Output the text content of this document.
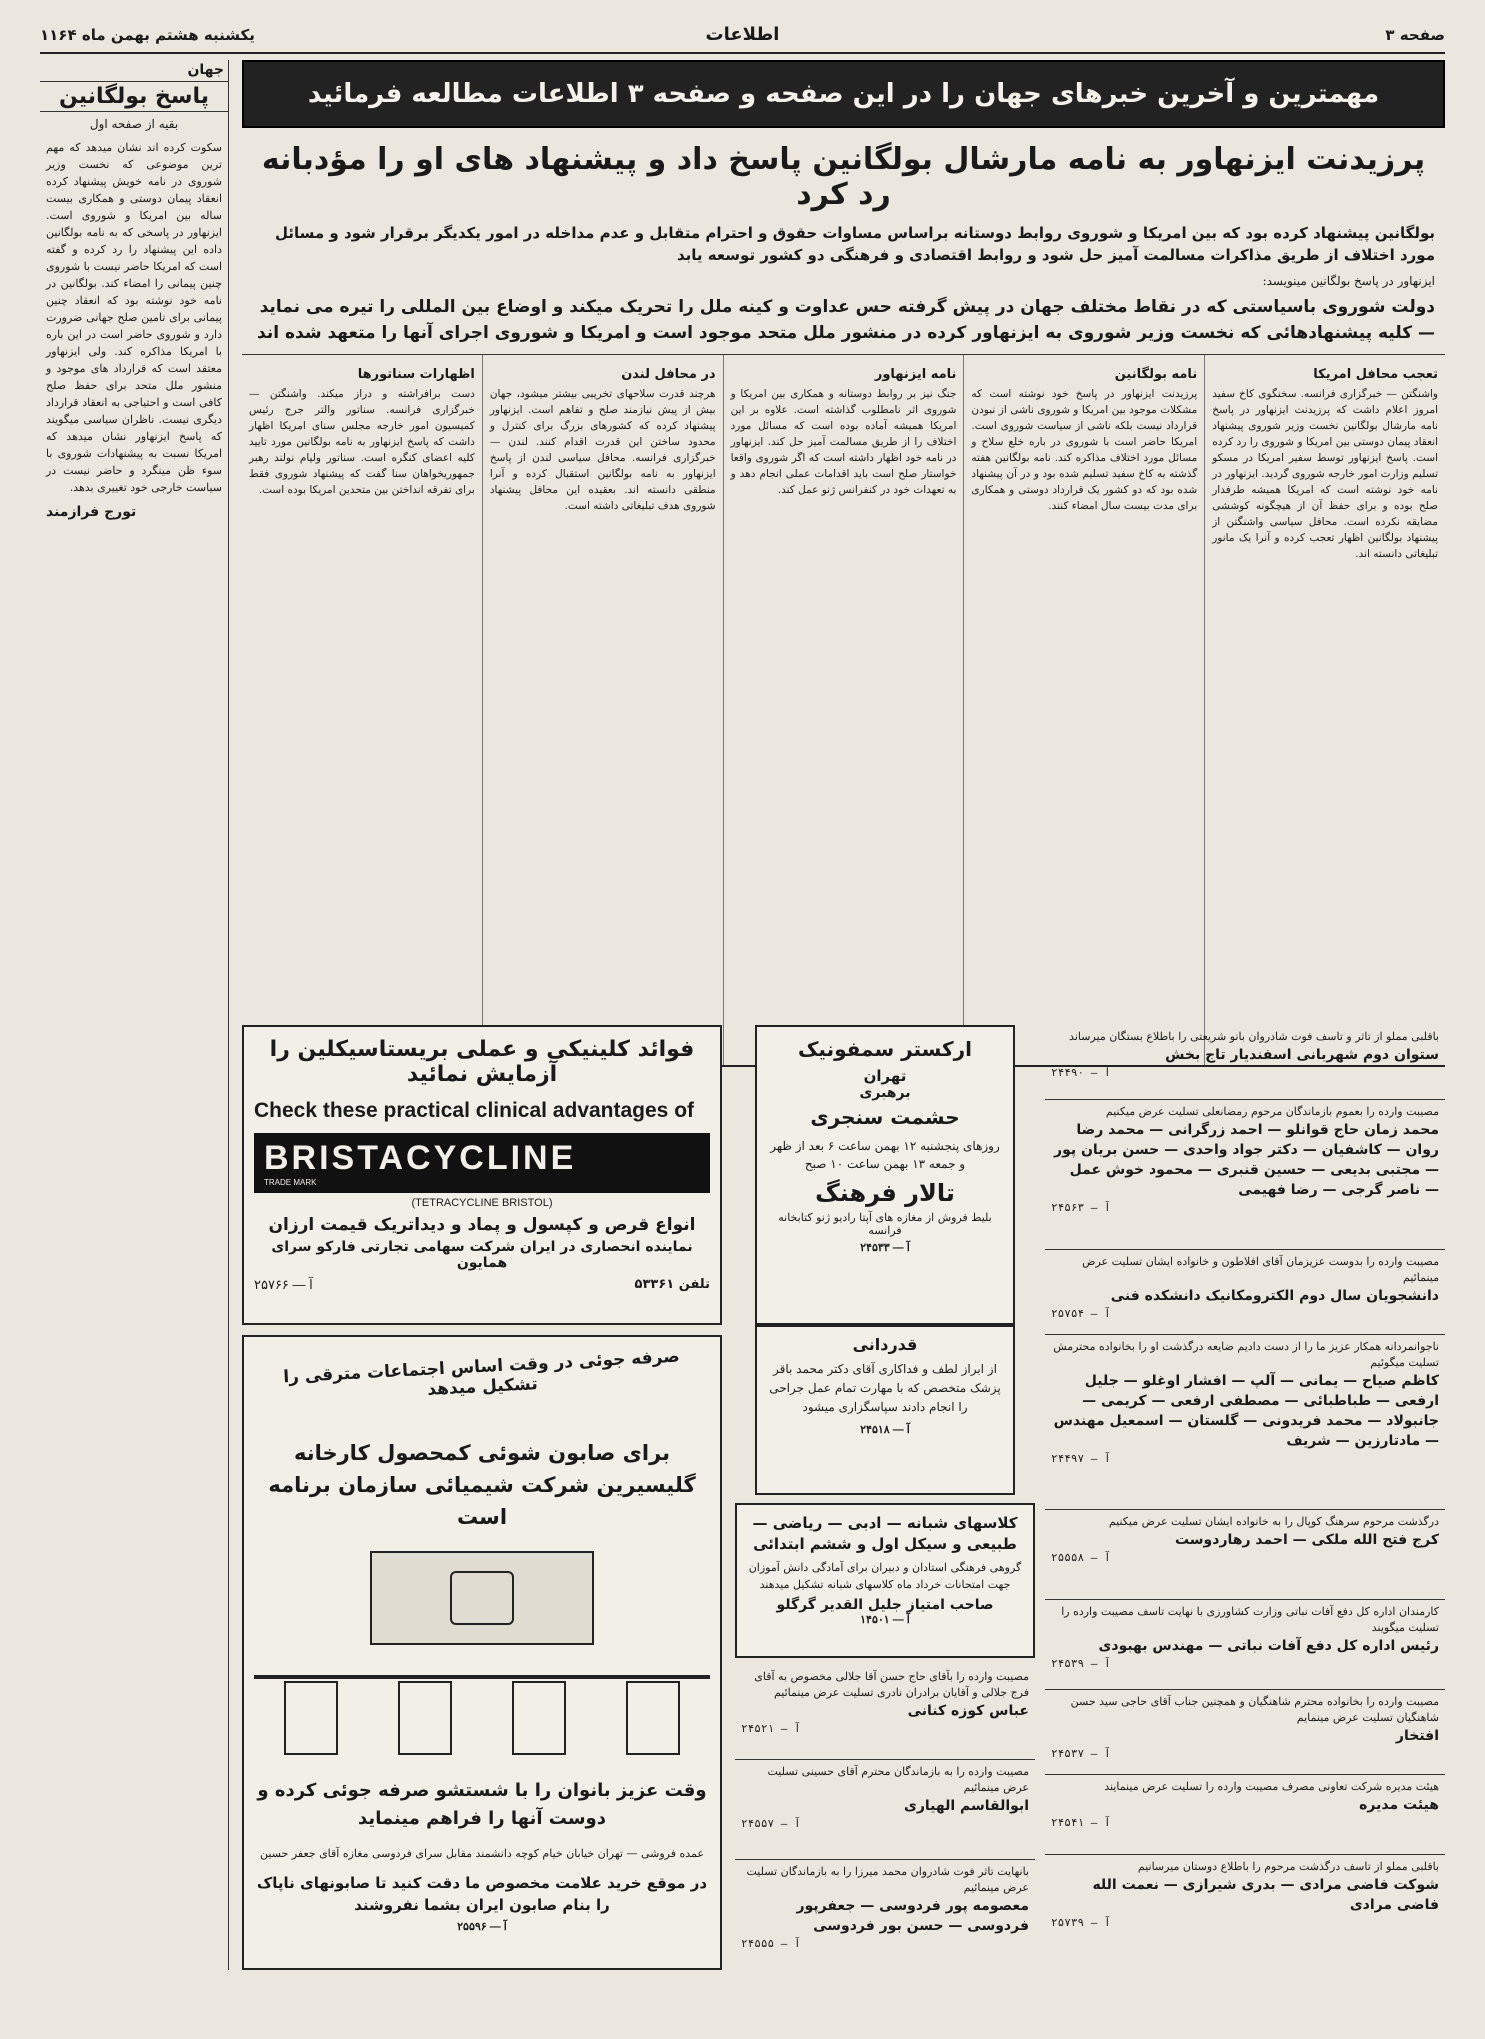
صفحه ۳
اطلاعات
یکشنبه هشتم بهمن ماه ۱۱۶۴
جهان
پاسخ بولگانین
بقیه از صفحه اول
سکوت کرده اند نشان میدهد که مهم ترین موضوعی که نخست وزیر شوروی در نامه خویش پیشنهاد کرده انعقاد پیمان دوستی و همکاری بیست ساله بین امریکا و شوروی است. ایزنهاور در پاسخی که به نامه بولگانین داده این پیشنهاد را رد کرده و گفته است که امریکا حاضر نیست با شوروی چنین پیمانی را امضاء کند. بولگانین در نامه خود نوشته بود که انعقاد چنین پیمانی برای تامین صلح جهانی ضرورت دارد و شوروی حاضر است در این باره با امریکا مذاکره کند. ولی ایزنهاور معتقد است که قرارداد های موجود و منشور ملل متحد برای حفظ صلح کافی است و احتیاجی به انعقاد قرارداد دیگری نیست. ناظران سیاسی میگویند که پاسخ ایزنهاور نشان میدهد که امریکا نسبت به پیشنهادات شوروی با سوء ظن مینگرد و حاضر نیست در سیاست خارجی خود تغییری بدهد.
تورج فرازمند
مهمترین و آخرین خبرهای جهان را در این صفحه و صفحه ۳ اطلاعات مطالعه فرمائید
پرزیدنت ایزنهاور به نامه مارشال بولگانین پاسخ داد و پیشنهاد های او را مؤدبانه رد کرد
بولگانین پیشنهاد کرده بود که بین امریکا و شوروی روابط دوستانه براساس مساوات حقوق و احترام متقابل و عدم مداخله در امور یکدیگر برقرار شود و مسائل مورد اختلاف از طریق مذاکرات مسالمت آمیز حل شود و روابط اقتصادی و فرهنگی دو کشور توسعه یابد
ایزنهاور در پاسخ بولگانین مینویسد:
دولت شوروی باسیاستی که در نقاط مختلف جهان در پیش گرفته حس عداوت و کینه ملل را تحریک میکند و اوضاع بین المللی را تیره می نماید — کلیه پیشنهادهائی که نخست وزیر شوروی به ایزنهاور کرده در منشور ملل متحد موجود است و امریکا و شوروی اجرای آنها را متعهد شده اند
تعجب محافل امریکا
واشنگتن — خبرگزاری فرانسه. سخنگوی کاخ سفید امروز اعلام داشت که پرزیدنت ایزنهاور در پاسخ نامه مارشال بولگانین نخست وزیر شوروی پیشنهاد انعقاد پیمان دوستی بین امریکا و شوروی را رد کرده است. پاسخ ایزنهاور توسط سفیر امریکا در مسکو تسلیم وزارت امور خارجه شوروی گردید. ایزنهاور در نامه خود نوشته است که امریکا همیشه طرفدار صلح بوده و برای حفظ آن از هیچگونه کوششی مضایقه نکرده است. محافل سیاسی واشنگتن از پیشنهاد بولگانین اظهار تعجب کرده و آنرا یک مانور تبلیغاتی دانسته اند.
نامه بولگانین
پرزیدنت ایزنهاور در پاسخ خود نوشته است که مشکلات موجود بین امریکا و شوروی ناشی از نبودن قرارداد نیست بلکه ناشی از سیاست شوروی است. امریکا حاضر است با شوروی در باره خلع سلاح و مسائل مورد اختلاف مذاکره کند. نامه بولگانین هفته گذشته به کاخ سفید تسلیم شده بود و در آن پیشنهاد شده بود که دو کشور یک قرارداد دوستی و همکاری برای مدت بیست سال امضاء کنند.
نامه ایزنهاور
جنگ نیز بر روابط دوستانه و همکاری بین امریکا و شوروی اثر نامطلوب گذاشته است. علاوه بر این امریکا همیشه آماده بوده است که مسائل مورد اختلاف را از طریق مسالمت آمیز حل کند. ایزنهاور در نامه خود اظهار داشته است که اگر شوروی واقعا خواستار صلح است باید اقدامات عملی انجام دهد و به تعهدات خود در کنفرانس ژنو عمل کند.
در محافل لندن
هرچند قدرت سلاحهای تخریبی بیشتر میشود، جهان بیش از پیش نیازمند صلح و تفاهم است. ایزنهاور پیشنهاد کرده که کشورهای بزرگ برای کنترل و محدود ساختن این قدرت اقدام کنند. لندن — خبرگزاری فرانسه. محافل سیاسی لندن از پاسخ ایزنهاور به نامه بولگانین استقبال کرده و آنرا منطقی دانسته اند. بعقیده این محافل پیشنهاد شوروی هدف تبلیغاتی داشته است.
اظهارات سناتورها
دست برافراشته و دراز میکند. واشنگتن — خبرگزاری فرانسه. سناتور والتر جرج رئیس کمیسیون امور خارجه مجلس سنای امریکا اظهار داشت که پاسخ ایزنهاور به نامه بولگانین مورد تایید کلیه اعضای کنگره است. سناتور ولیام نولند رهبر جمهوریخواهان سنا گفت که پیشنهاد شوروی فقط برای تفرقه انداختن بین متحدین امریکا بوده است.
باقلبی مملو از تاثر و تاسف فوت شادروان بانو شریعتی را باطلاع بستگان میرساند
ستوان دوم شهربانی اسفندیار تاج بخش
آ — ۲۴۴۹۰
مصیبت وارده را بعموم بازماندگان مرحوم رمضانعلی تسلیت عرض میکنیم
محمد زمان حاج قوانلو — احمد زرگرانی — محمد رضا روان — کاشفیان — دکتر جواد واحدی — حسن بریان پور — مجتبی بدیعی — حسین قنبری — محمود خوش عمل — ناصر گرجی — رضا فهیمی
آ — ۲۴۵۶۳
مصیبت وارده را بدوست عزیزمان آقای افلاطون و خانواده ایشان تسلیت عرض مینمائیم
دانشجویان سال دوم الکترومکانیک دانشکده فنی
آ — ۲۵۷۵۴
ناجوانمردانه همکار عزیز ما را از دست دادیم ضایعه درگذشت او را بخانواده محترمش تسلیت میگوئیم
کاظم صیاح — یمانی — آلپ — افشار اوغلو — جلیل ارفعی — طباطبائی — مصطفی ارفعی — کریمی — جانبولاد — محمد فریدونی — گلستان — اسمعیل مهندس — مادتارزین — شریف
آ — ۲۴۴۹۷
درگذشت مرحوم سرهنگ کوپال را به خانواده ایشان تسلیت عرض میکنیم
کرج فتح الله ملکی — احمد رهاردوست
آ — ۲۵۵۵۸
کارمندان اداره کل دفع آفات نباتی وزارت کشاورزی با نهایت تاسف مصیبت وارده را تسلیت میگویند
رئیس اداره کل دفع آفات نباتی — مهندس بهبودی
آ — ۲۴۵۳۹
مصیبت وارده را بخانواده محترم شاهنگیان و همچنین جناب آقای حاجی سید حسن شاهنگیان تسلیت عرض مینمایم
افتخار
آ — ۲۴۵۳۷
هیئت مدیره شرکت تعاونی مصرف مصیبت وارده را تسلیت عرض مینمایند
هیئت مدیره
آ — ۲۴۵۴۱
باقلبی مملو از تاسف درگذشت مرحوم را باطلاع دوستان میرسانیم
شوکت فاضی مرادی — بدری شیرازی — نعمت الله فاضی مرادی
آ — ۲۵۷۳۹
ارکستر سمفونیک
تهران
برهبری
حشمت سنجری
روزهای پنجشنبه ۱۲ بهمن ساعت ۶ بعد از ظهر و جمعه ۱۳ بهمن ساعت ۱۰ صبح
تالار فرهنگ
بلیط فروش از مغازه های آپتا رادیو ژنو کتابخانه فرانسه
آ — ۲۴۵۳۳
قدردانی
از ابراز لطف و فداکاری آقای دکتر محمد باقر پزشک متخصص که با مهارت تمام عمل جراحی را انجام دادند سپاسگزاری میشود
آ — ۲۴۵۱۸
کلاسهای شبانه — ادبی — ریاضی — طبیعی و سیکل اول و ششم ابتدائی
گروهی فرهنگی استادان و دبیران برای آمادگی دانش آموزان جهت امتحانات خرداد ماه کلاسهای شبانه تشکیل میدهند
صاحب امتیاز جلیل القدیر گرگلو
آ — ۱۴۵۰۱
مصیبت وارده را بآقای حاج حسن آقا جلالی مخصوص به آقای فرج جلالی و آقایان برادران نادری تسلیت عرض مینمائیم
عباس کوزه کنانی
آ — ۲۴۵۲۱
مصیبت وارده را به بازماندگان محترم آقای حسینی تسلیت عرض مینمائیم
ابوالقاسم الهیاری
آ — ۲۴۵۵۷
بانهایت تاثر فوت شادروان محمد میرزا را به بازماندگان تسلیت عرض مینمائیم
معصومه پور فردوسی — جعفرپور فردوسی — حسن بور فردوسی
آ — ۲۴۵۵۵
فوائد کلینیکی و عملی بریستاسیکلین را آزمایش نمائید
Check these practical clinical advantages of
BRISTACYCLINE
TRADE MARK
(TETRACYCLINE BRISTOL)
انواع قرص و کپسول و پماد و دیداتریک قیمت ارزان
نماینده انحصاری در ایران شرکت سهامی تجارتی فارکو سرای همایون
تلفن ۵۳۳۶۱
آ — ۲۵۷۶۶
صرفه جوئی در وقت اساس اجتماعات مترقی را تشکیل میدهد
برای صابون شوئی کمحصول کارخانه گلیسیرین شرکت شیمیائی سازمان برنامه است
وقت عزیز بانوان را با شستشو صرفه جوئی کرده و دوست آنها را فراهم مینماید
عمده فروشی — تهران خیابان خیام کوچه دانشمند مقابل سرای فردوسی مغازه آقای جعفر حسین
در موقع خرید علامت مخصوص ما دقت کنید تا صابونهای ناپاک را بنام صابون ایران بشما نفروشند
آ — ۲۵۵۹۶
